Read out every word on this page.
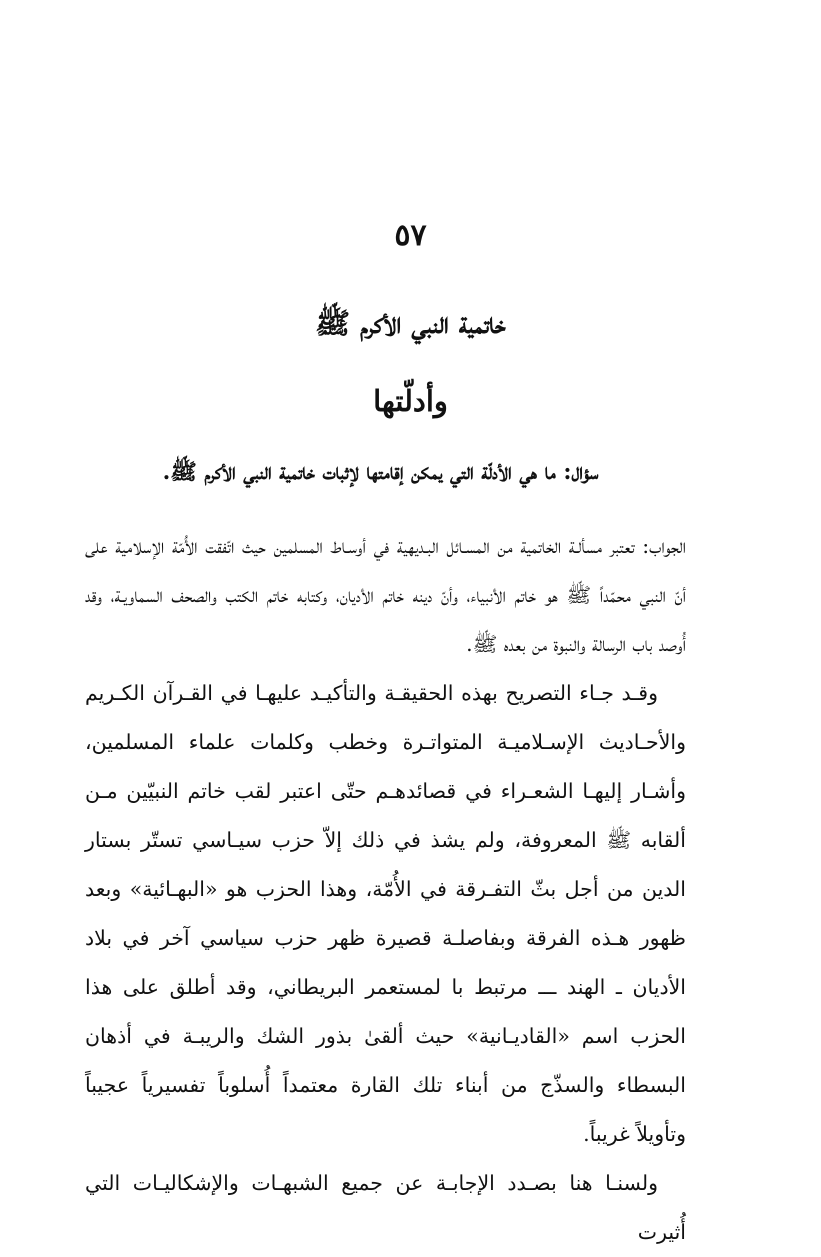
٥٧
خاتمية النبي الأكرم ﷺ
وأدلّتها
سؤال: ما هي الأدلّة التي يمكن إقامتها لإثبات خاتمية النبي الأكرم ﷺ.

الجواب: تعتبر مسألـة الخاتمية من المسـائل البـديهية في أوسـاط المسلمين حيث اتّفقت الأُمّة الإسلامية على أنّ النبي محمّداً ﷺ هو خاتم الأنبياء، وأنّ دينه خاتم الأديان، وكتابه خاتم الكتب والصحف السماويـة، وقد أُوصد باب الرسالة والنبوة من بعده ﷺ.

وقـد جـاء التصريح بهذه الحقيقـة والتأكيـد عليهـا في القـرآن الكـريم والأحـاديث الإسـلاميـة المتواتـرة وخطب وكلمات علماء المسلمين، وأشـار إليهـا الشعـراء في قصائدهـم حتّى اعتبر لقب خاتم النبيّين مـن ألقابه ﷺ المعروفة، ولم يشذ في ذلك إلاّ حزب سيـاسي تستّر بستار الدين من أجل بثّ التفـرقة في الأُمّة، وهذا الحزب هو «البهـائية» وبعد ظهور هـذه الفرقة وبفاصلـة قصيرة ظهر حزب سياسي آخر في بلاد الأديان ـ الهند ـــ مرتبط با لمستعمر البريطاني، وقد أطلق على هذا الحزب اسم «القاديـانية» حيث ألقىٰ بذور الشك والريبـة في أذهان البسطاء والسذّج من أبناء تلك القارة معتمداً أُسلوباً تفسيرياً عجيباً وتأويلاً غريباً.

ولسنـا هنا بصـدد الإجابـة عن جميع الشبهـات والإشكاليـات التي أُثيرت
